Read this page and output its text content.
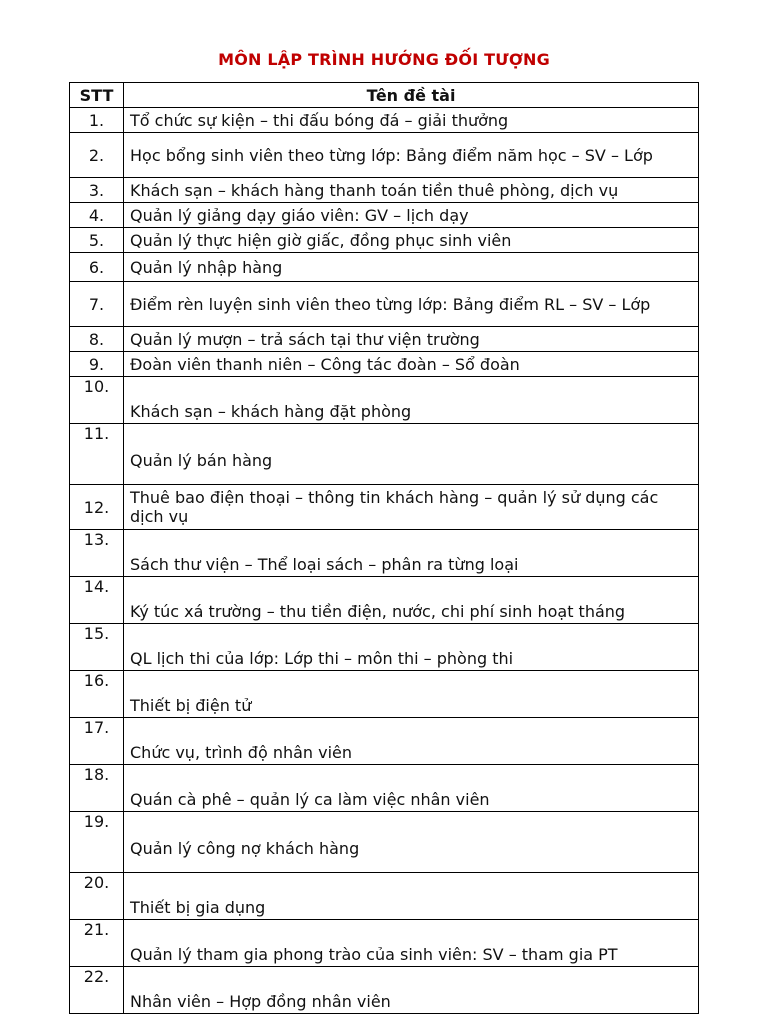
MÔN LẬP TRÌNH HƯỚNG ĐỐI TƯỢNG
STT	Tên đề tài
1.	Tổ chức sự kiện – thi đấu bóng đá – giải thưởng
2.	Học bổng sinh viên theo từng lớp: Bảng điểm năm học – SV – Lớp
3.	Khách sạn – khách hàng thanh toán tiền thuê phòng, dịch vụ
4.	Quản lý giảng dạy giáo viên: GV – lịch dạy
5.	Quản lý thực hiện giờ giấc, đồng phục sinh viên
6.	Quản lý nhập hàng
7.	Điểm rèn luyện sinh viên theo từng lớp: Bảng điểm RL – SV – Lớp
8.	Quản lý mượn – trả sách tại thư viện trường
9.	Đoàn viên thanh niên – Công tác đoàn – Sổ đoàn
10.	Khách sạn – khách hàng đặt phòng
11.	Quản lý bán hàng
12.	Thuê bao điện thoại – thông tin khách hàng – quản lý sử dụng các dịch vụ
13.	Sách thư viện – Thể loại sách – phân ra từng loại
14.	Ký túc xá trường – thu tiền điện, nước, chi phí sinh hoạt tháng
15.	QL lịch thi của lớp: Lớp thi – môn thi – phòng thi
16.	Thiết bị điện tử
17.	Chức vụ, trình độ nhân viên
18.	Quán cà phê – quản lý ca làm việc nhân viên
19.	Quản lý công nợ khách hàng
20.	Thiết bị gia dụng
21.	Quản lý tham gia phong trào của sinh viên: SV – tham gia PT
22.	Nhân viên – Hợp đồng nhân viên
